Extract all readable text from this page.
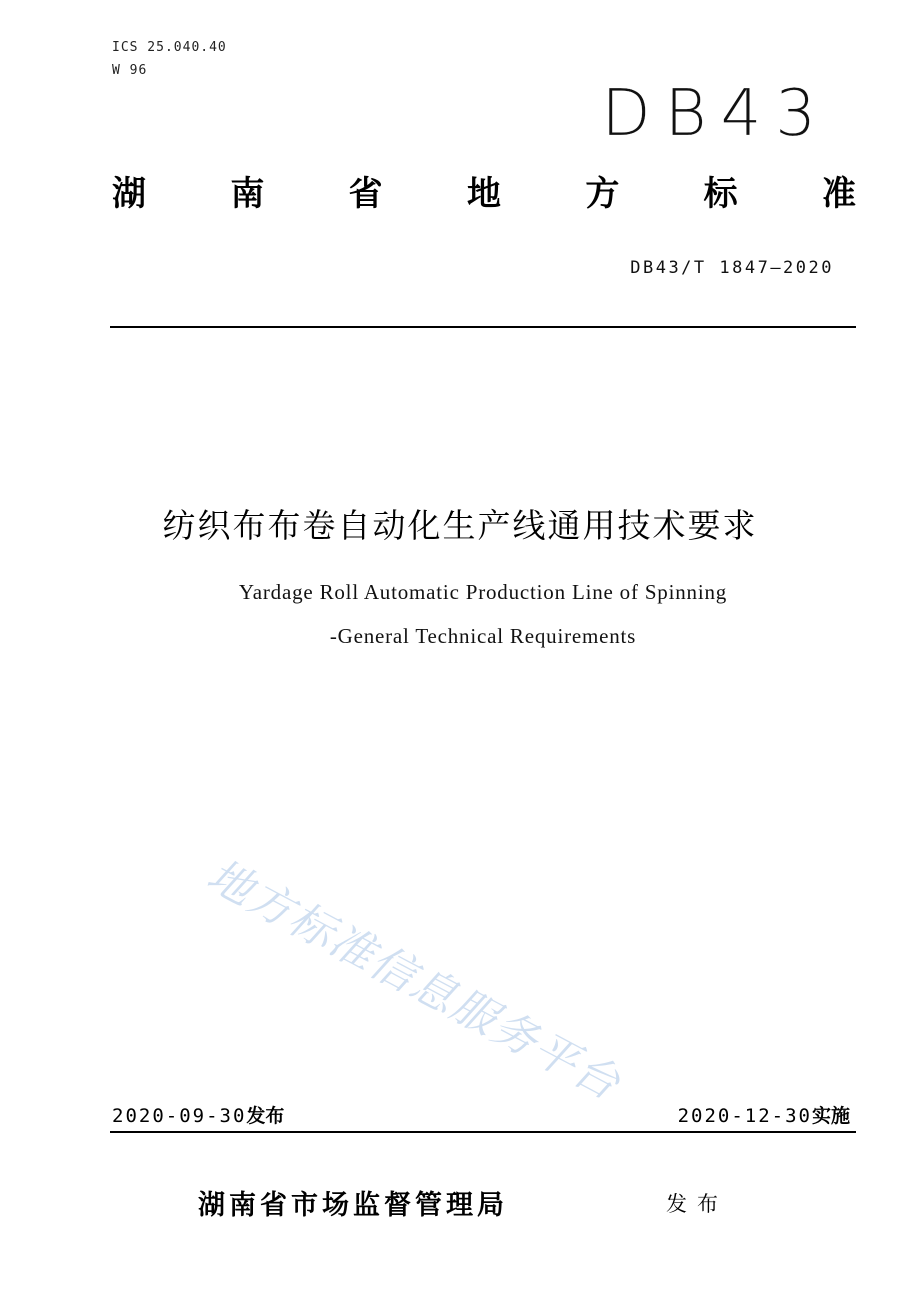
ICS 25.040.40
W 96
DB43
湖 南 省 地 方 标 准
DB43/T 1847—2020
纺织布布卷自动化生产线通用技术要求
Yardage Roll Automatic Production Line of Spinning
-General Technical Requirements
地方标准信息服务平台
2020-09-30发布	2020-12-30实施
湖南省市场监督管理局	发布
